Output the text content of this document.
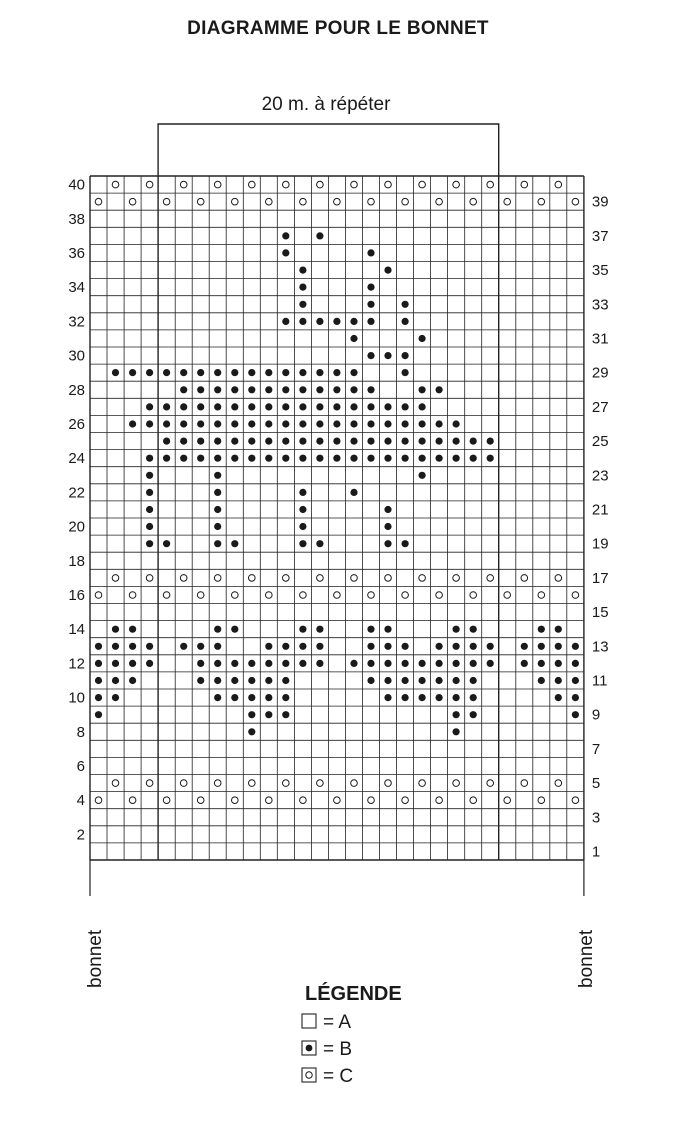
DIAGRAMME POUR LE BONNET
20 m. à répéter
40
38
36
34
32
30
28
26
24
22
20
18
16
14
12
10
8
6
4
2
39
37
35
33
31
29
27
25
23
21
19
17
15
13
11
9
7
5
3
1
bonnet	bonnet
LÉGENDE
= A
= B
= C
